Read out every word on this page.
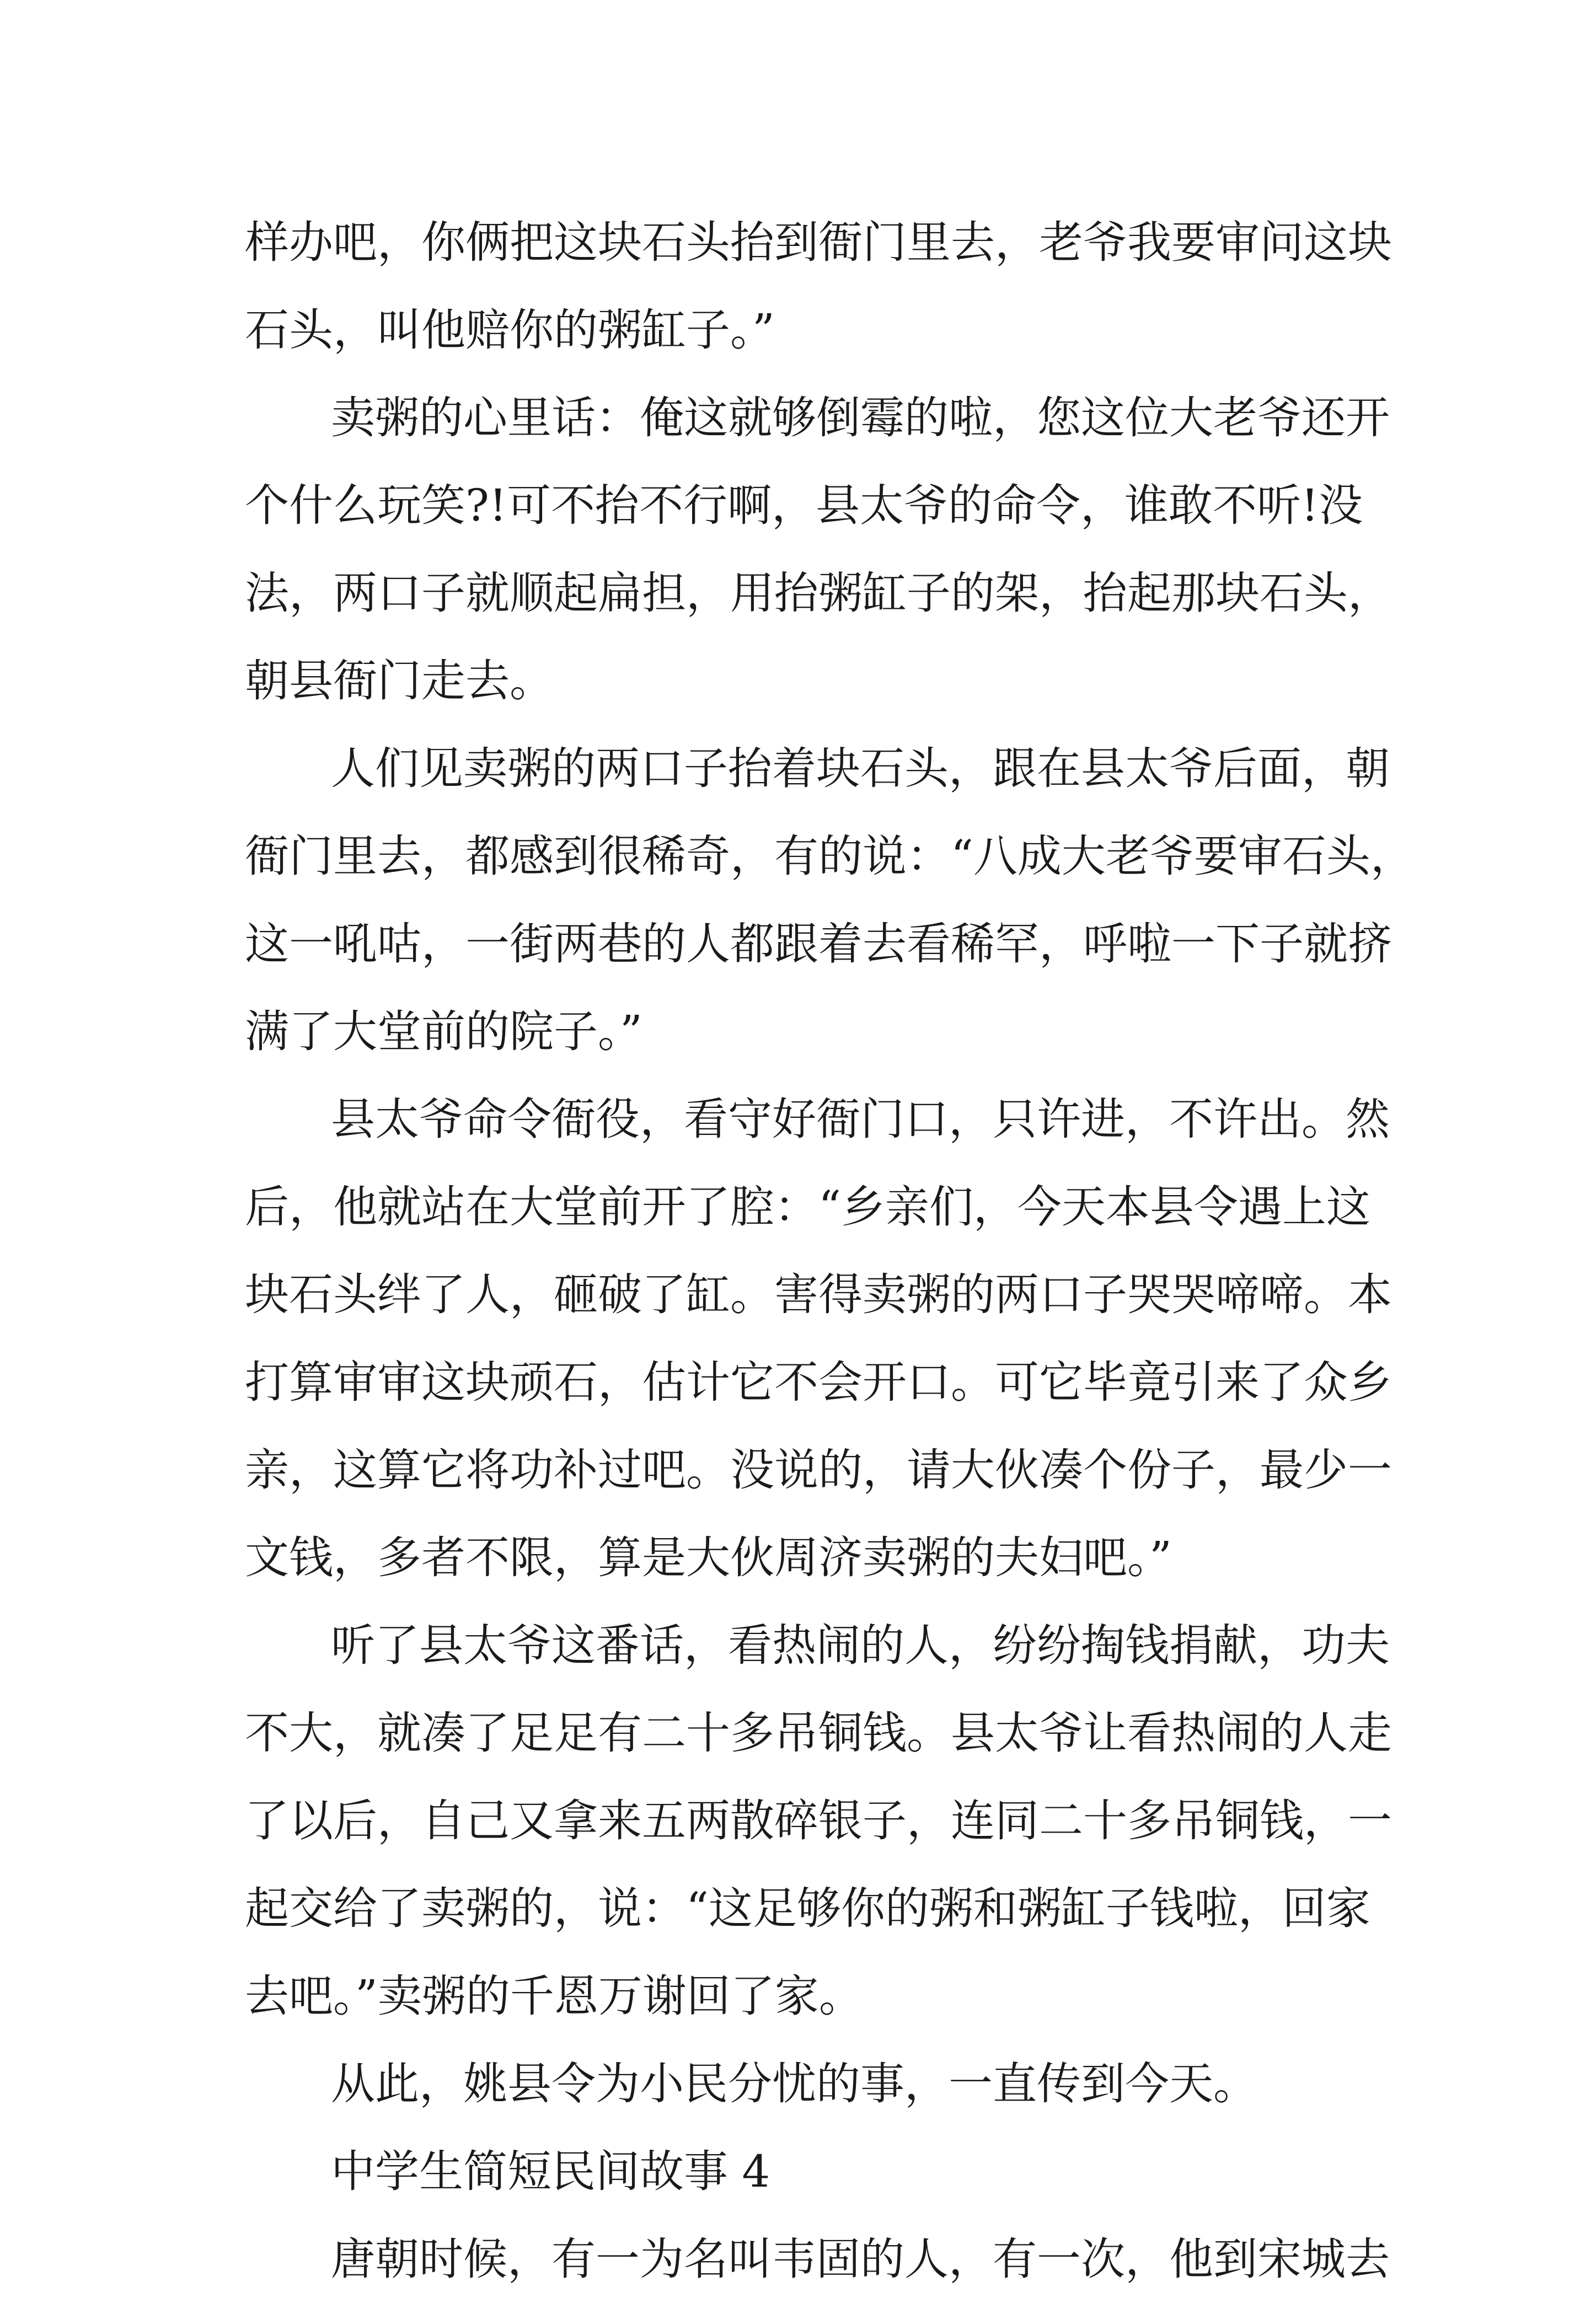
样办吧，你俩把这块石头抬到衙门里去，老爷我要审问这块
石头，叫他赔你的粥缸子。”
卖粥的心里话：俺这就够倒霉的啦，您这位大老爷还开
个什么玩笑?!可不抬不行啊，县太爷的命令，谁敢不听!没
法，两口子就顺起扁担，用抬粥缸子的架，抬起那块石头，
朝县衙门走去。
人们见卖粥的两口子抬着块石头，跟在县太爷后面，朝
衙门里去，都感到很稀奇，有的说：“八成大老爷要审石头，
这一吼咕，一街两巷的人都跟着去看稀罕，呼啦一下子就挤
满了大堂前的院子。”
县太爷命令衙役，看守好衙门口，只许进，不许出。然
后，他就站在大堂前开了腔：“乡亲们，今天本县令遇上这
块石头绊了人，砸破了缸。害得卖粥的两口子哭哭啼啼。本
打算审审这块顽石，估计它不会开口。可它毕竟引来了众乡
亲，这算它将功补过吧。没说的，请大伙凑个份子，最少一
文钱，多者不限，算是大伙周济卖粥的夫妇吧。”
听了县太爷这番话，看热闹的人，纷纷掏钱捐献，功夫
不大，就凑了足足有二十多吊铜钱。县太爷让看热闹的人走
了以后，自己又拿来五两散碎银子，连同二十多吊铜钱，一
起交给了卖粥的，说：“这足够你的粥和粥缸子钱啦，回家
去吧。”卖粥的千恩万谢回了家。
从此，姚县令为小民分忧的事，一直传到今天。
中学生简短民间故事 4
唐朝时候，有一为名叫韦固的人，有一次，他到宋城去
